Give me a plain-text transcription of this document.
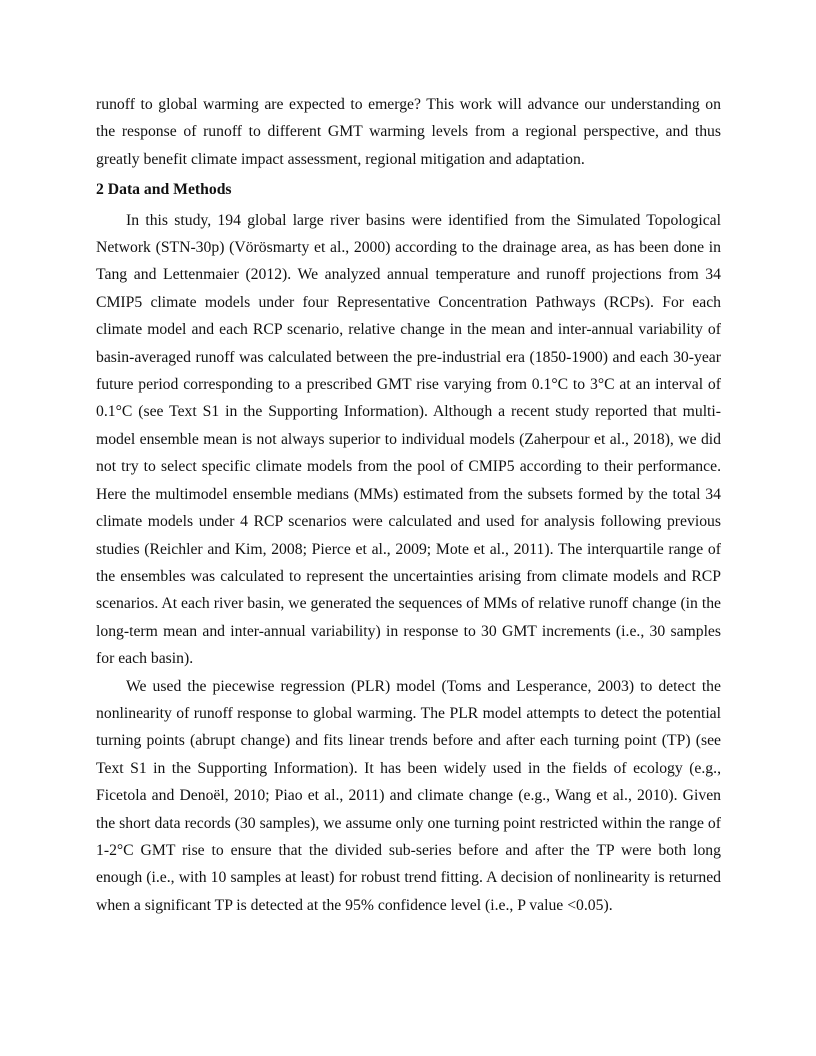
runoff to global warming are expected to emerge? This work will advance our understanding on the response of runoff to different GMT warming levels from a regional perspective, and thus greatly benefit climate impact assessment, regional mitigation and adaptation.

2 Data and Methods

In this study, 194 global large river basins were identified from the Simulated Topological Network (STN-30p) (Vörösmarty et al., 2000) according to the drainage area, as has been done in Tang and Lettenmaier (2012). We analyzed annual temperature and runoff projections from 34 CMIP5 climate models under four Representative Concentration Pathways (RCPs). For each climate model and each RCP scenario, relative change in the mean and inter-annual variability of basin-averaged runoff was calculated between the pre-industrial era (1850-1900) and each 30-year future period corresponding to a prescribed GMT rise varying from 0.1°C to 3°C at an interval of 0.1°C (see Text S1 in the Supporting Information). Although a recent study reported that multi-model ensemble mean is not always superior to individual models (Zaherpour et al., 2018), we did not try to select specific climate models from the pool of CMIP5 according to their performance. Here the multimodel ensemble medians (MMs) estimated from the subsets formed by the total 34 climate models under 4 RCP scenarios were calculated and used for analysis following previous studies (Reichler and Kim, 2008; Pierce et al., 2009; Mote et al., 2011). The interquartile range of the ensembles was calculated to represent the uncertainties arising from climate models and RCP scenarios. At each river basin, we generated the sequences of MMs of relative runoff change (in the long-term mean and inter-annual variability) in response to 30 GMT increments (i.e., 30 samples for each basin).

We used the piecewise regression (PLR) model (Toms and Lesperance, 2003) to detect the nonlinearity of runoff response to global warming. The PLR model attempts to detect the potential turning points (abrupt change) and fits linear trends before and after each turning point (TP) (see Text S1 in the Supporting Information). It has been widely used in the fields of ecology (e.g., Ficetola and Denoël, 2010; Piao et al., 2011) and climate change (e.g., Wang et al., 2010). Given the short data records (30 samples), we assume only one turning point restricted within the range of 1-2°C GMT rise to ensure that the divided sub-series before and after the TP were both long enough (i.e., with 10 samples at least) for robust trend fitting. A decision of nonlinearity is returned when a significant TP is detected at the 95% confidence level (i.e., P value <0.05).
